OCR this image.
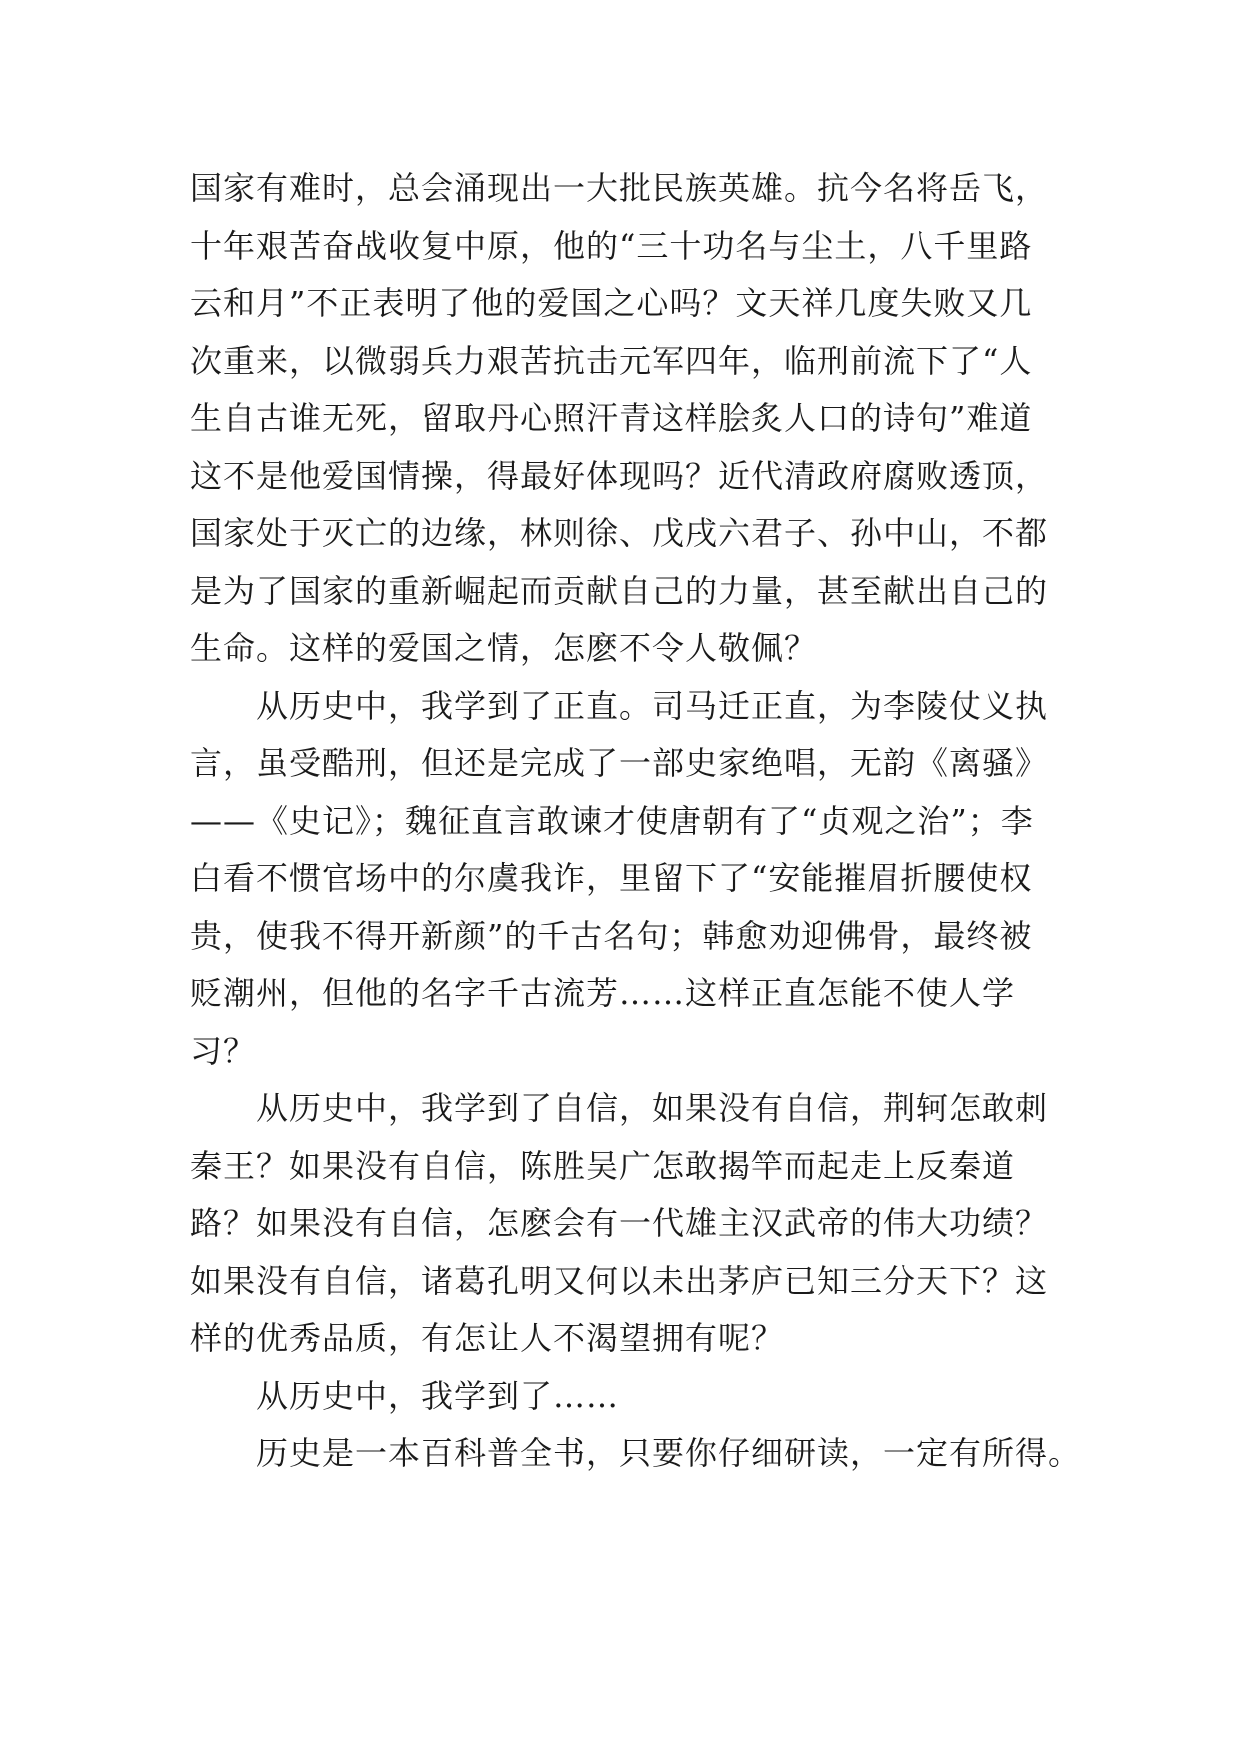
国家有难时，总会涌现出一大批民族英雄。抗今名将岳飞，
十年艰苦奋战收复中原，他的“三十功名与尘土，八千里路
云和月”不正表明了他的爱国之心吗？文天祥几度失败又几
次重来，以微弱兵力艰苦抗击元军四年，临刑前流下了“人
生自古谁无死，留取丹心照汗青这样脍炙人口的诗句”难道
这不是他爱国情操，得最好体现吗？近代清政府腐败透顶，
国家处于灭亡的边缘，林则徐、戊戌六君子、孙中山，不都
是为了国家的重新崛起而贡献自己的力量，甚至献出自己的
生命。这样的爱国之情，怎麽不令人敬佩？
　　从历史中，我学到了正直。司马迁正直，为李陵仗义执
言，虽受酷刑，但还是完成了一部史家绝唱，无韵《离骚》
——《史记》；魏征直言敢谏才使唐朝有了“贞观之治”；李
白看不惯官场中的尔虞我诈，里留下了“安能摧眉折腰使权
贵，使我不得开新颜”的千古名句；韩愈劝迎佛骨，最终被
贬潮州，但他的名字千古流芳……这样正直怎能不使人学
习？
　　从历史中，我学到了自信，如果没有自信，荆轲怎敢刺
秦王？如果没有自信，陈胜吴广怎敢揭竿而起走上反秦道
路？如果没有自信，怎麽会有一代雄主汉武帝的伟大功绩？
如果没有自信，诸葛孔明又何以未出茅庐已知三分天下？这
样的优秀品质，有怎让人不渴望拥有呢？
　　从历史中，我学到了……
　　历史是一本百科普全书，只要你仔细研读，一定有所得。
